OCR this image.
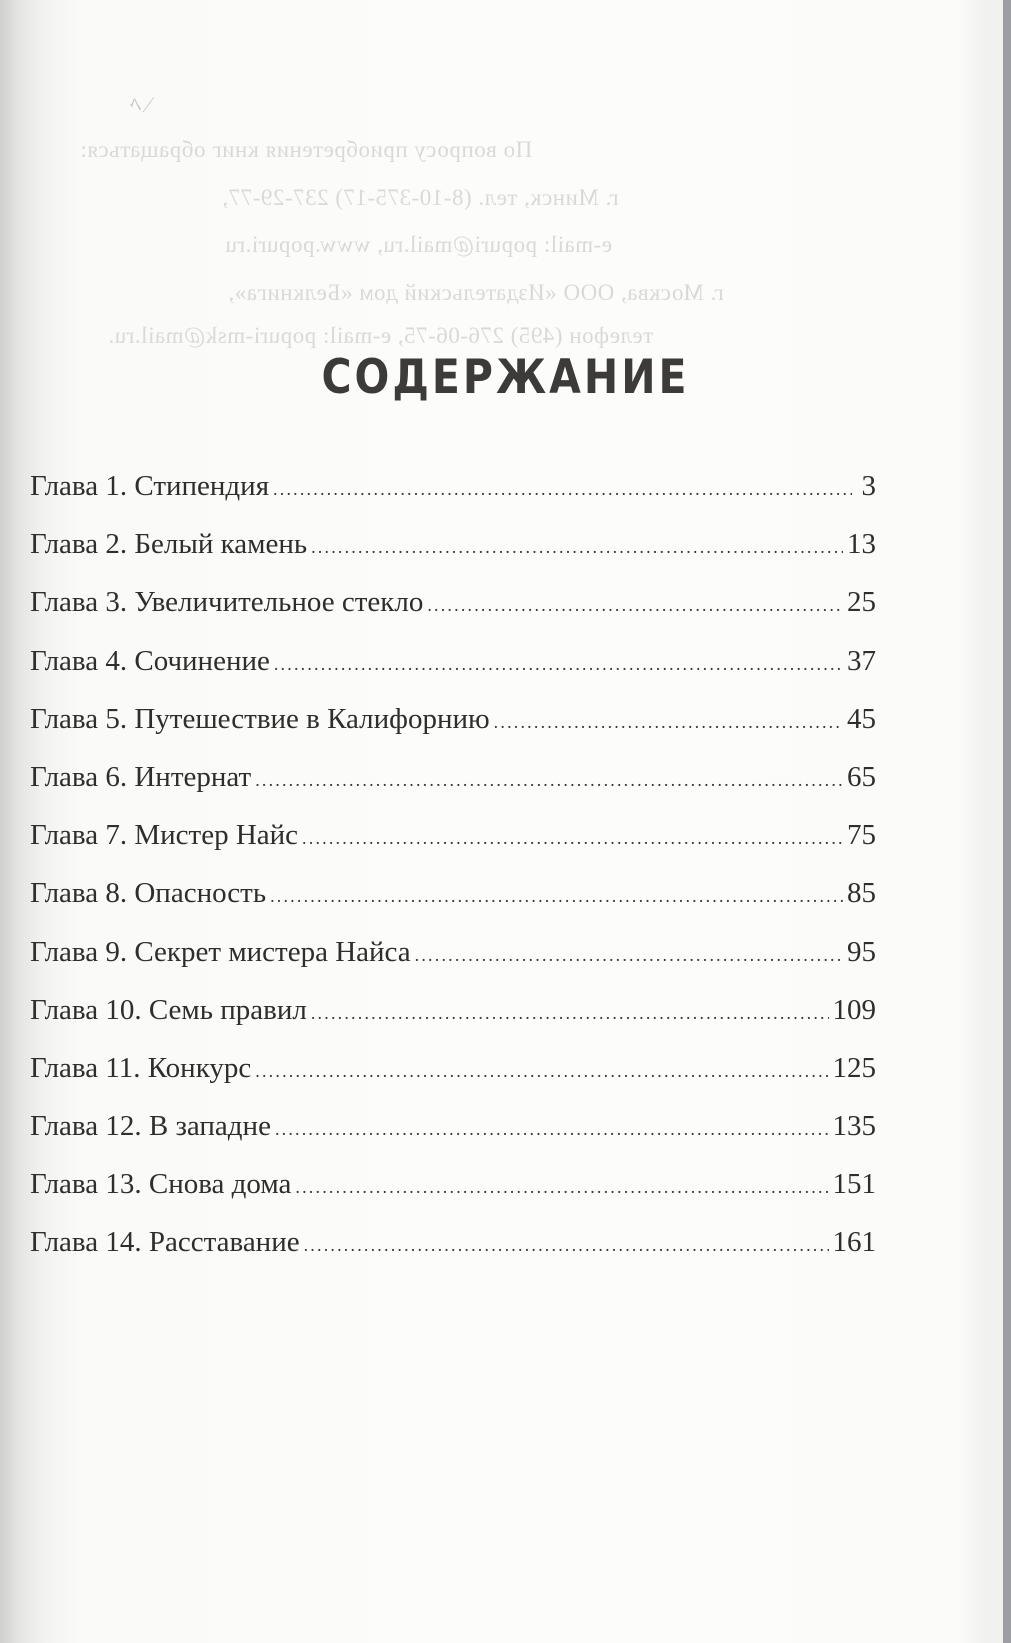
ﾍ ∕
По вопросу приобретения книг обращаться:
г. Минск, тел. (8-10-375-17) 237-29-77,
e-mail: popuri@mail.ru, www.popuri.ru
г. Москва, ООО «Издательский дом «Белкнига»,
телефон (495) 276-06-75, e-mail: popuri-msk@mail.ru.
СОДЕРЖАНИЕ
Глава 1. Стипендия .....	3
Глава 2. Белый камень .....	13
Глава 3. Увеличительное стекло .....	25
Глава 4. Сочинение .....	37
Глава 5. Путешествие в Калифорнию .....	45
Глава 6. Интернат .....	65
Глава 7. Мистер Найс .....	75
Глава 8. Опасность .....	85
Глава 9. Секрет мистера Найса .....	95
Глава 10. Семь правил .....	109
Глава 11. Конкурс .....	125
Глава 12. В западне .....	135
Глава 13. Снова дома .....	151
Глава 14. Расставание .....	161
